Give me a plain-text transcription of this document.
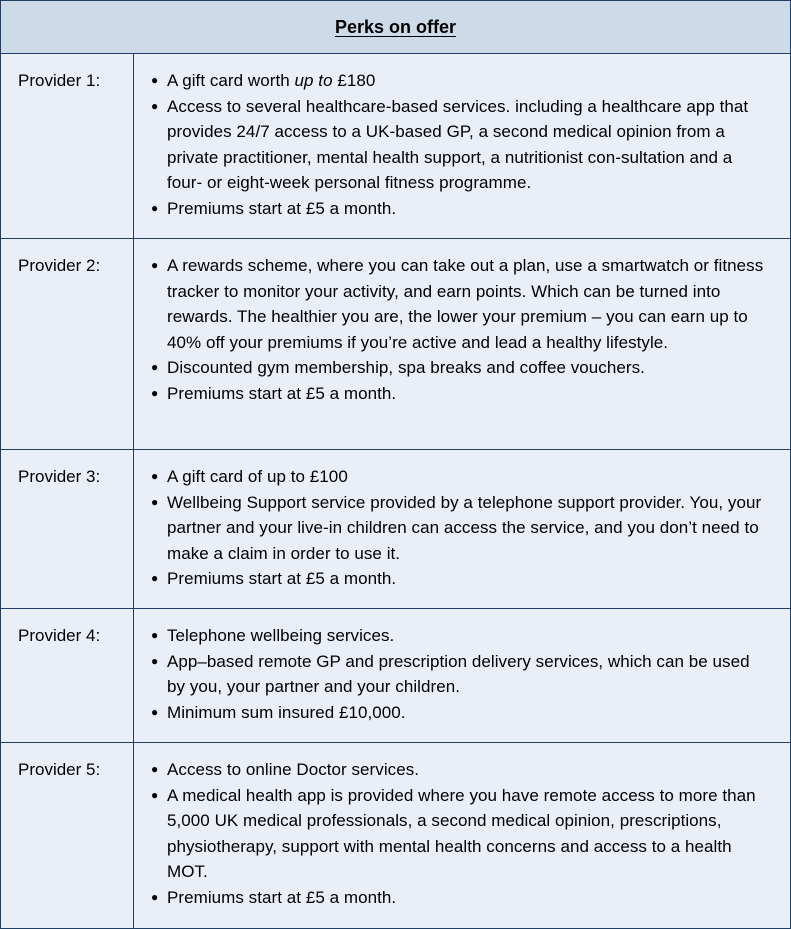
Perks on offer
Provider 1:	● A gift card worth up to £180
● Access to several healthcare-based services. including a healthcare app that provides 24/7 access to a UK-based GP, a second medical opinion from a private practitioner, mental health support, a nutritionist con-sultation and a four- or eight-week personal fitness programme.
● Premiums start at £5 a month.
Provider 2:	● A rewards scheme, where you can take out a plan, use a smartwatch or fitness tracker to monitor your activity, and earn points. Which can be turned into rewards. The healthier you are, the lower your premium – you can earn up to 40% off your premiums if you’re active and lead a healthy lifestyle.
● Discounted gym membership, spa breaks and coffee vouchers.
● Premiums start at £5 a month.
Provider 3:	● A gift card of up to £100
● Wellbeing Support service provided by a telephone support provider. You, your partner and your live-in children can access the service, and you don’t need to make a claim in order to use it.
● Premiums start at £5 a month.
Provider 4:	● Telephone wellbeing services.
● App–based remote GP and prescription delivery services, which can be used by you, your partner and your children.
● Minimum sum insured £10,000.
Provider 5:	● Access to online Doctor services.
● A medical health app is provided where you have remote access to more than 5,000 UK medical professionals, a second medical opinion, prescriptions, physiotherapy, support with mental health concerns and access to a health MOT.
● Premiums start at £5 a month.
